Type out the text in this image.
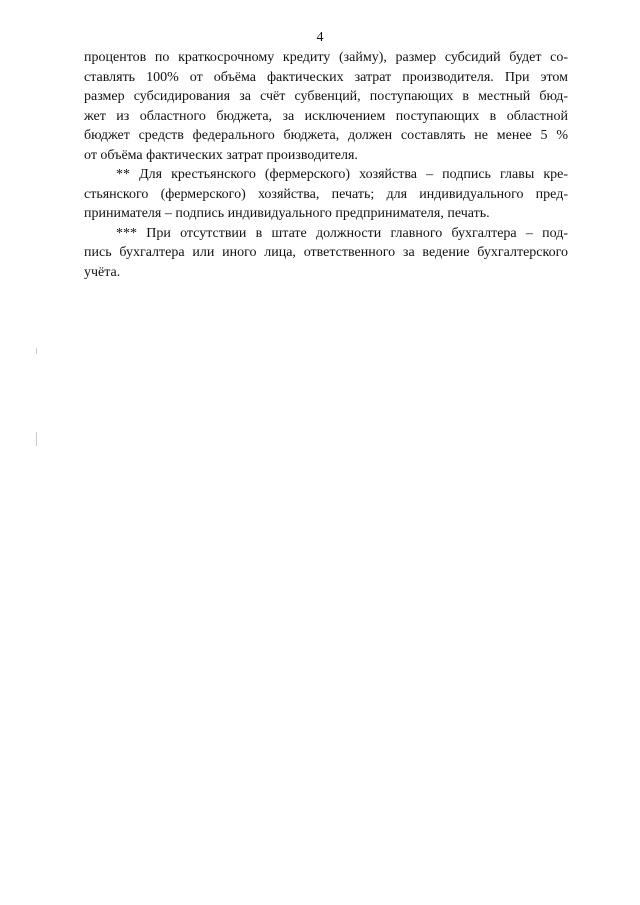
4
процентов по краткосрочному кредиту (займу), размер субсидий будет со-
ставлять 100% от объёма фактических затрат производителя. При этом
размер субсидирования за счёт субвенций, поступающих в местный бюд-
жет из областного бюджета, за исключением поступающих в областной
бюджет средств федерального бюджета, должен составлять не менее 5 %
от объёма фактических затрат производителя.
** Для крестьянского (фермерского) хозяйства – подпись главы кре-
стьянского (фермерского) хозяйства, печать; для индивидуального пред-
принимателя – подпись индивидуального предпринимателя, печать.
*** При отсутствии в штате должности главного бухгалтера – под-
пись бухгалтера или иного лица, ответственного за ведение бухгалтерского
учёта.
